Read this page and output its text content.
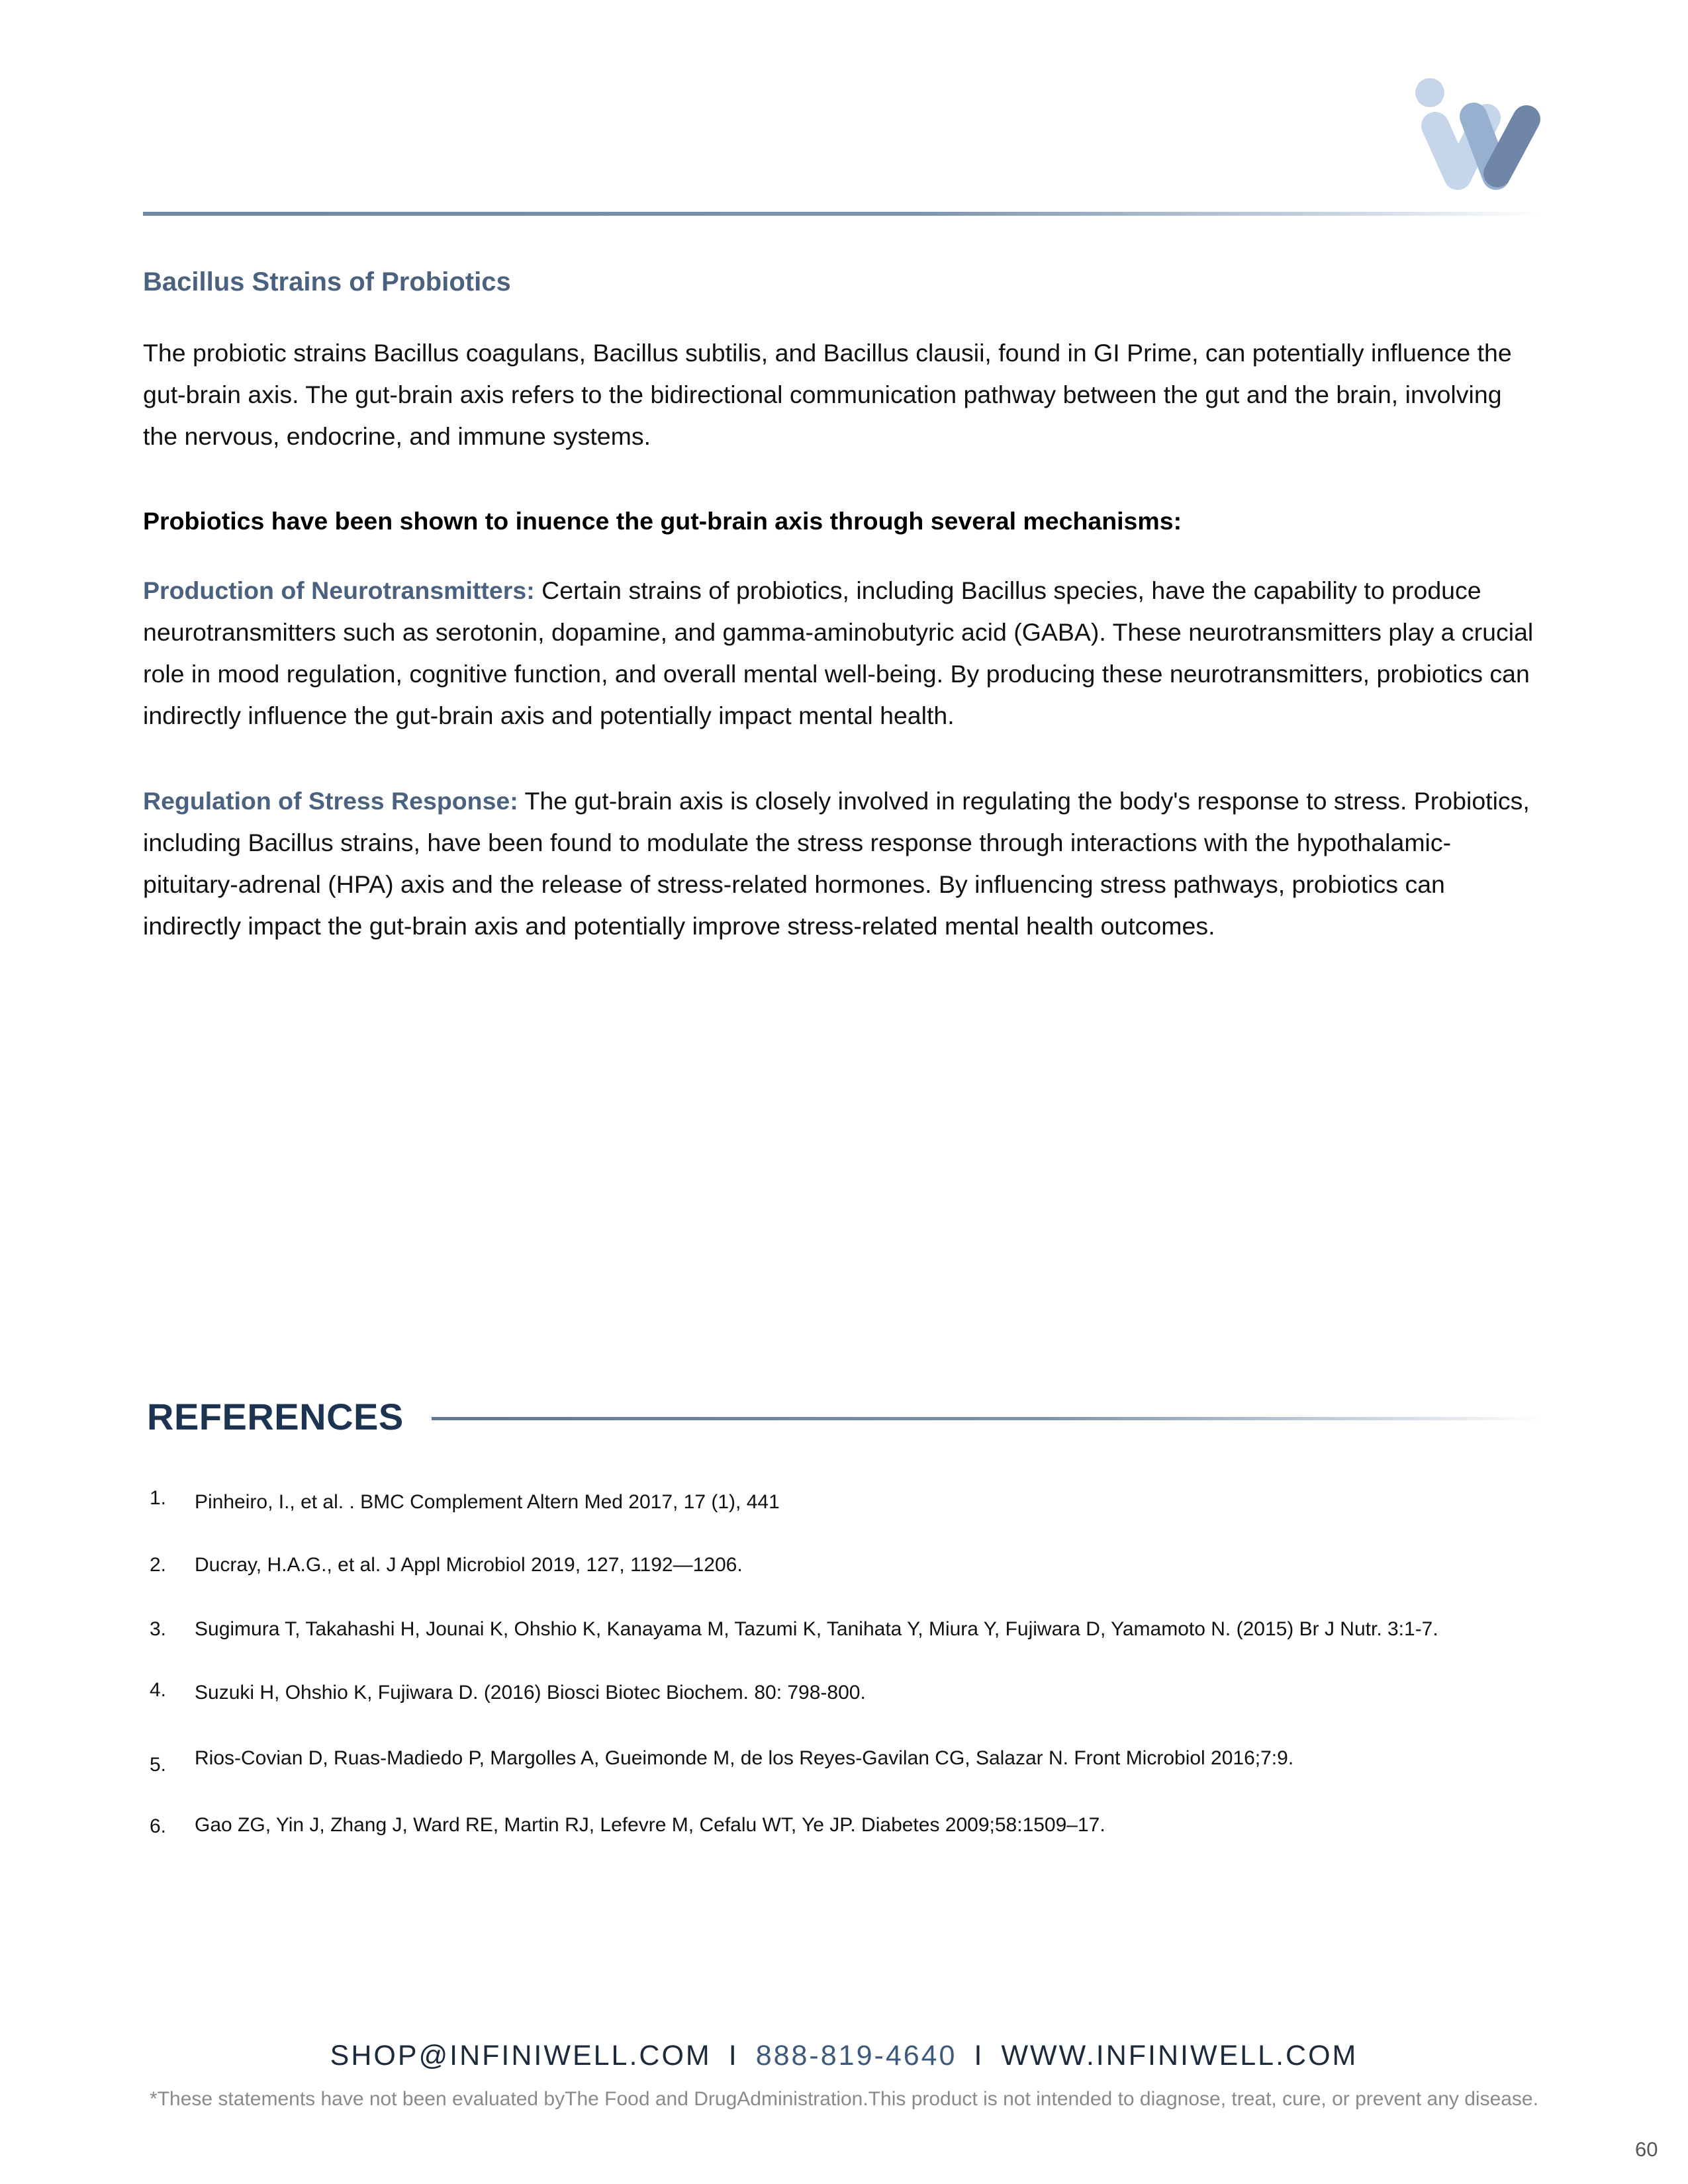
Bacillus Strains of Probiotics

The probiotic strains Bacillus coagulans, Bacillus subtilis, and Bacillus clausii, found in GI Prime, can potentially influence the gut-brain axis. The gut-brain axis refers to the bidirectional communication pathway between the gut and the brain, involving the nervous, endocrine, and immune systems.

Probiotics have been shown to inuence the gut-brain axis through several mechanisms:

Production of Neurotransmitters: Certain strains of probiotics, including Bacillus species, have the capability to produce neurotransmitters such as serotonin, dopamine, and gamma-aminobutyric acid (GABA). These neurotransmitters play a crucial role in mood regulation, cognitive function, and overall mental well-being. By producing these neurotransmitters, probiotics can indirectly influence the gut-brain axis and potentially impact mental health.

Regulation of Stress Response: The gut-brain axis is closely involved in regulating the body's response to stress. Probiotics, including Bacillus strains, have been found to modulate the stress response through interactions with the hypothalamic-pituitary-adrenal (HPA) axis and the release of stress-related hormones. By influencing stress pathways, probiotics can indirectly impact the gut-brain axis and potentially improve stress-related mental health outcomes.

REFERENCES
1. Pinheiro, I., et al. . BMC Complement Altern Med 2017, 17 (1), 441
2. Ducray, H.A.G., et al. J Appl Microbiol 2019, 127, 1192—1206.
3. Sugimura T, Takahashi H, Jounai K, Ohshio K, Kanayama M, Tazumi K, Tanihata Y, Miura Y, Fujiwara D, Yamamoto N. (2015) Br J Nutr. 3:1-7.
4. Suzuki H, Ohshio K, Fujiwara D. (2016) Biosci Biotec Biochem. 80: 798-800.
5. Rios-Covian D, Ruas-Madiedo P, Margolles A, Gueimonde M, de los Reyes-Gavilan CG, Salazar N. Front Microbiol 2016;7:9.
6. Gao ZG, Yin J, Zhang J, Ward RE, Martin RJ, Lefevre M, Cefalu WT, Ye JP. Diabetes 2009;58:1509–17.
SHOP@INFINIWELL.COM I 888-819-4640 I WWW.INFINIWELL.COM
*These statements have not been evaluated byThe Food and DrugAdministration.This product is not intended to diagnose, treat, cure, or prevent any disease.
60
